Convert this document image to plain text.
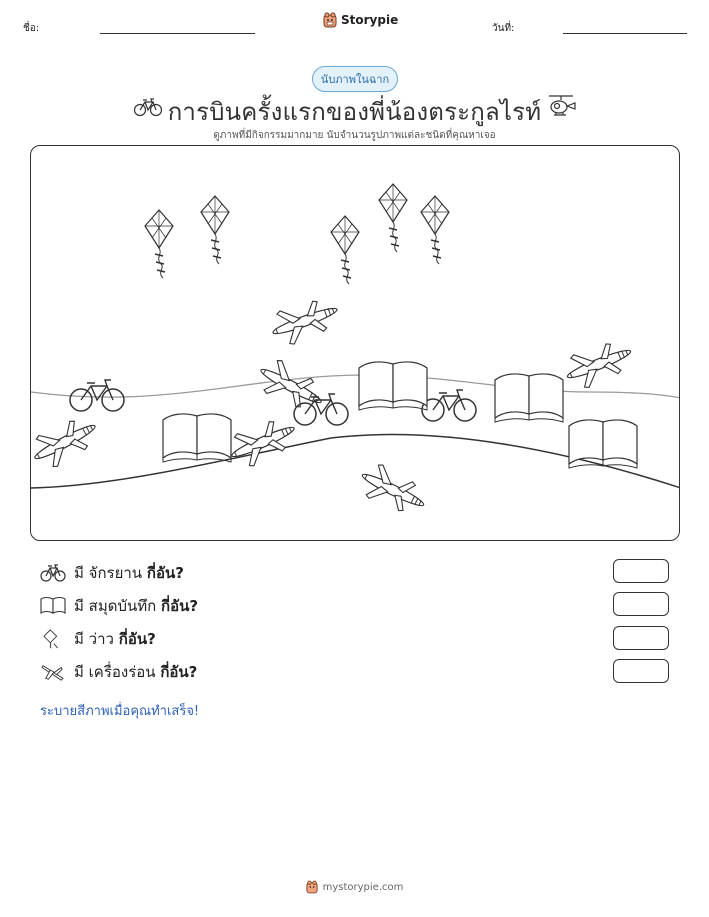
ชื่อ:
Storypie
วันที่:
นับภาพในฉาก
การบินครั้งแรกของพี่น้องตระกูลไรท์
ดูภาพที่มีกิจกรรมมากมาย นับจำนวนรูปภาพแต่ละชนิดที่คุณหาเจอ
มี จักรยาน กี่อัน?
มี สมุดบันทึก กี่อัน?
มี ว่าว กี่อัน?
มี เครื่องร่อน กี่อัน?
ระบายสีภาพเมื่อคุณทำเสร็จ!
mystorypie.com
